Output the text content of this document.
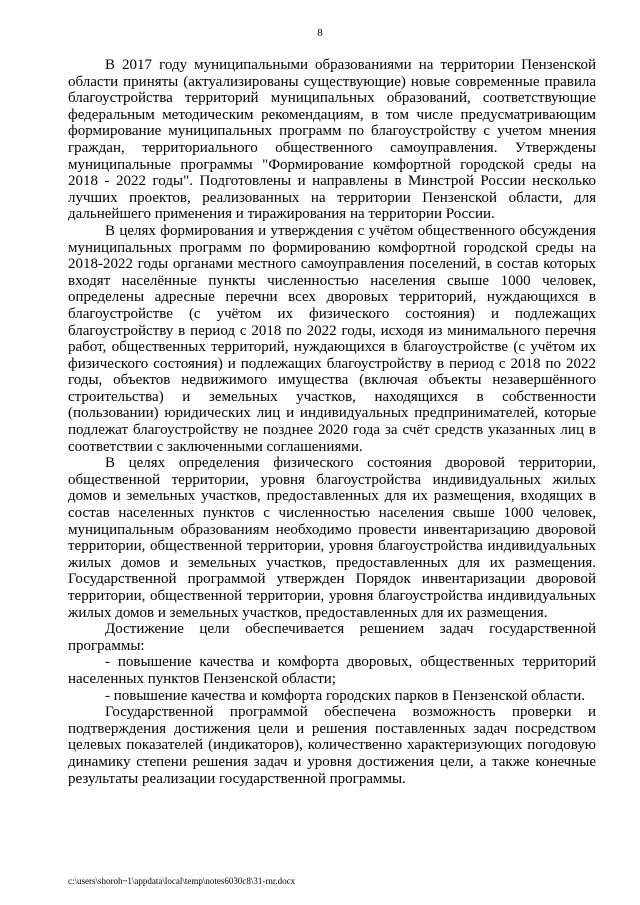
8

В 2017 году муниципальными образованиями на территории Пензенской области приняты (актуализированы существующие) новые современные правила благоустройства территорий муниципальных образований, соответствующие федеральным методическим рекомендациям, в том числе предусматривающим формирование муниципальных программ по благоустройству с учетом мнения граждан, территориального общественного самоуправления. Утверждены муниципальные программы "Формирование комфортной городской среды на 2018 - 2022 годы". Подготовлены и направлены в Минстрой России несколько лучших проектов, реализованных на территории Пензенской области, для дальнейшего применения и тиражирования на территории России.

В целях формирования и утверждения с учётом общественного обсуждения муниципальных программ по формированию комфортной городской среды на 2018-2022 годы органами местного самоуправления поселений, в состав которых входят населённые пункты численностью населения свыше 1000 человек, определены адресные перечни всех дворовых территорий, нуждающихся в благоустройстве (с учётом их физического состояния) и подлежащих благоустройству в период с 2018 по 2022 годы, исходя из минимального перечня работ, общественных территорий, нуждающихся в благоустройстве (с учётом их физического состояния) и подлежащих благоустройству в период с 2018 по 2022 годы, объектов недвижимого имущества (включая объекты незавершённого строительства) и земельных участков, находящихся в собственности (пользовании) юридических лиц и индивидуальных предпринимателей, которые подлежат благоустройству не позднее 2020 года за счёт средств указанных лиц в соответствии с заключенными соглашениями.

В целях определения физического состояния дворовой территории, общественной территории, уровня благоустройства индивидуальных жилых домов и земельных участков, предоставленных для их размещения, входящих в состав населенных пунктов с численностью населения свыше 1000 человек, муниципальным образованиям необходимо провести инвентаризацию дворовой территории, общественной территории, уровня благоустройства индивидуальных жилых домов и земельных участков, предоставленных для их размещения. Государственной программой утвержден Порядок инвентаризации дворовой территории, общественной территории, уровня благоустройства индивидуальных жилых домов и земельных участков, предоставленных для их размещения.

Достижение цели обеспечивается решением задач государственной программы:

- повышение качества и комфорта дворовых, общественных территорий населенных пунктов Пензенской области;

- повышение качества и комфорта городских парков в Пензенской области.

Государственной программой обеспечена возможность проверки и подтверждения достижения цели и решения поставленных задач посредством целевых показателей (индикаторов), количественно характеризующих погодовую динамику степени решения задач и уровня достижения цели, а также конечные результаты реализации государственной программы.

c:\users\shoroh~1\appdata\local\temp\notes6030c8\31-rnr.docx
